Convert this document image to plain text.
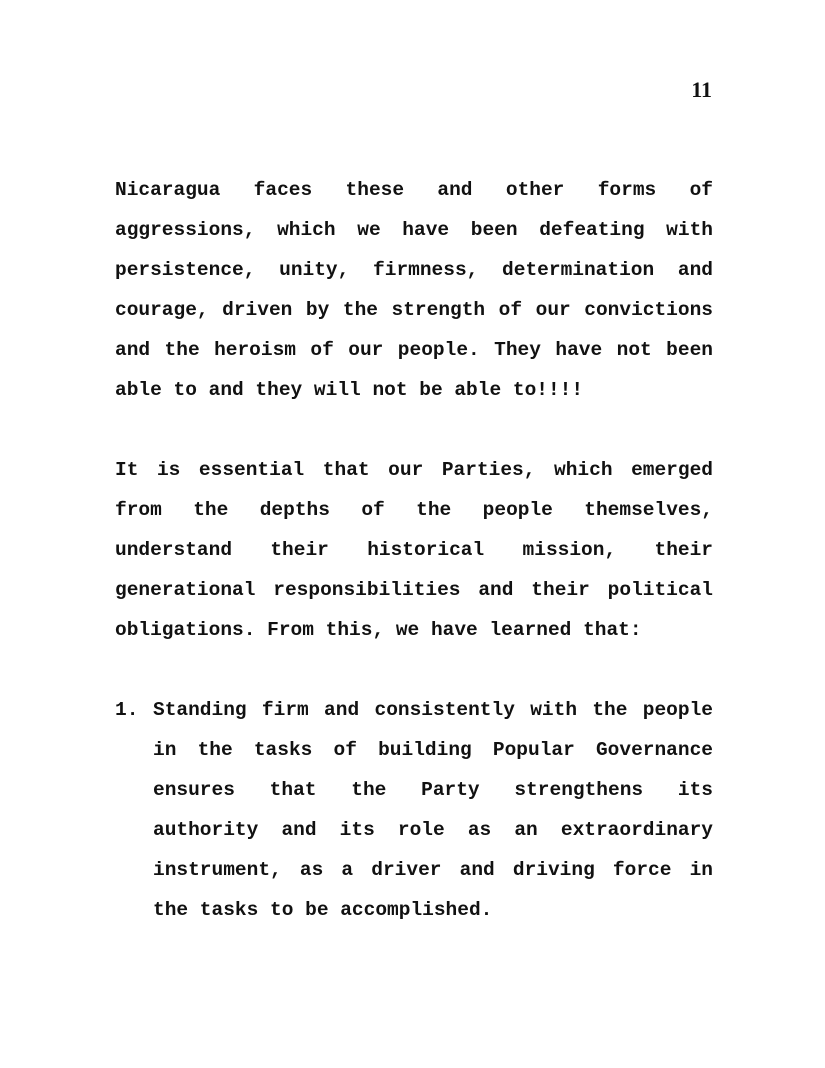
11

Nicaragua faces these and other forms of aggressions, which we have been defeating with persistence, unity, firmness, determination and courage, driven by the strength of our convictions and the heroism of our people. They have not been able to and they will not be able to!!!!

It is essential that our Parties, which emerged from the depths of the people themselves, understand their historical mission, their generational responsibilities and their political obligations. From this, we have learned that:

1. Standing firm and consistently with the people in the tasks of building Popular Governance ensures that the Party strengthens its authority and its role as an extraordinary instrument, as a driver and driving force in the tasks to be accomplished.
